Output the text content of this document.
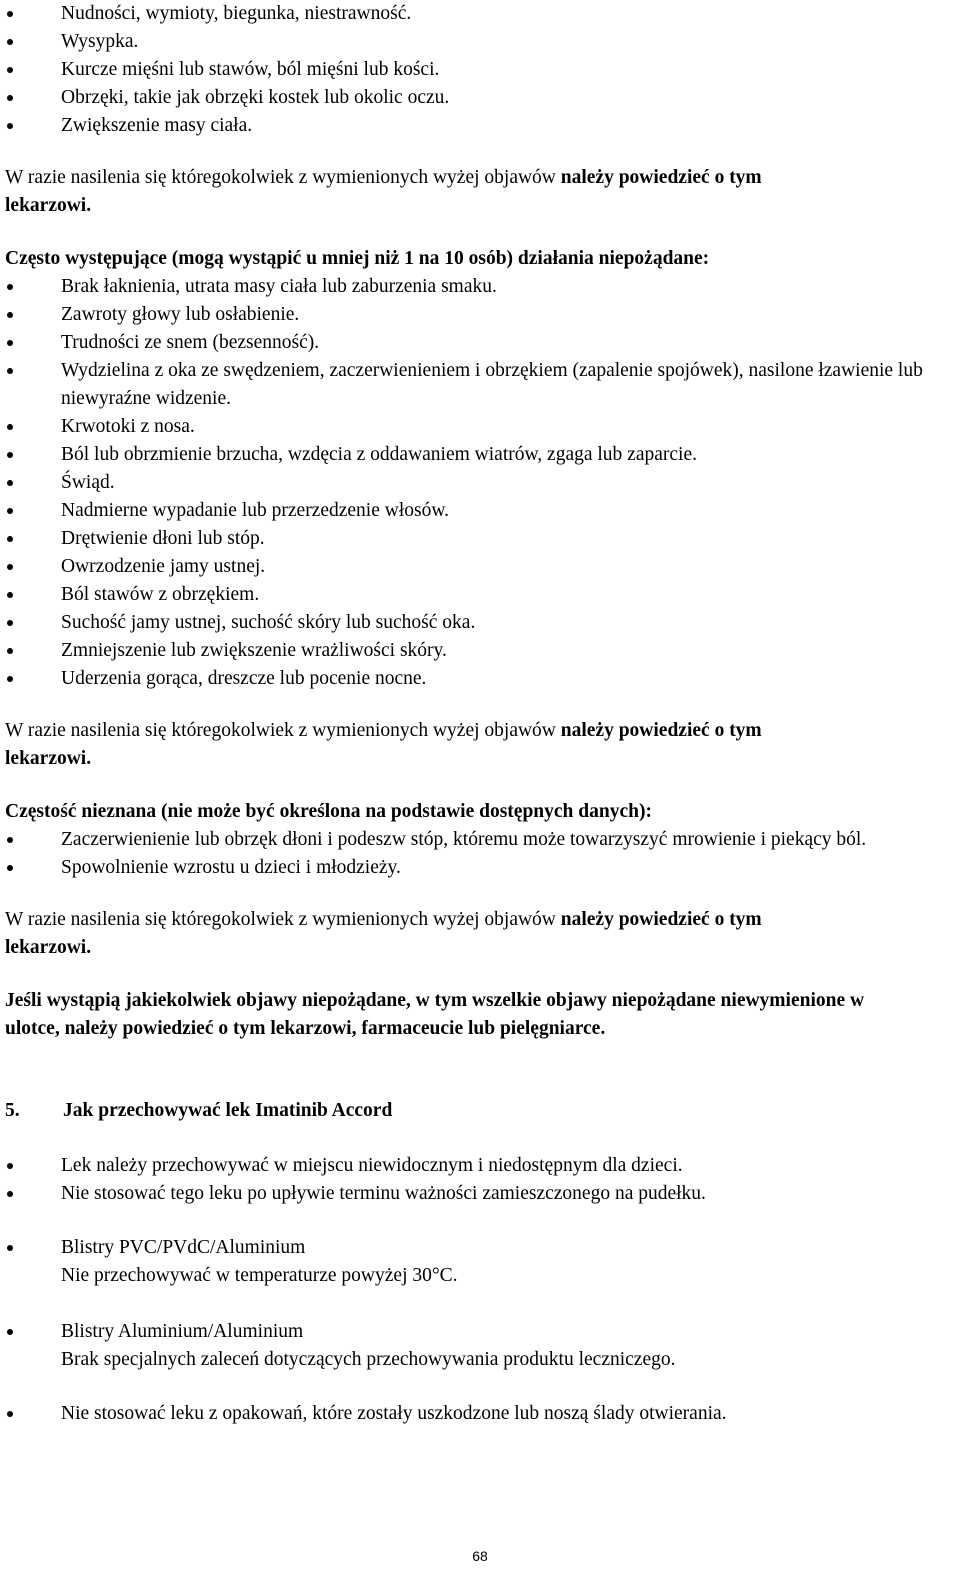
Nudności, wymioty, biegunka, niestrawność.
Wysypka.
Kurcze mięśni lub stawów, ból mięśni lub kości.
Obrzęki, takie jak obrzęki kostek lub okolic oczu.
Zwiększenie masy ciała.

W razie nasilenia się któregokolwiek z wymienionych wyżej objawów należy powiedzieć o tym
lekarzowi.

Często występujące (mogą wystąpić u mniej niż 1 na 10 osób) działania niepożądane:

Brak łaknienia, utrata masy ciała lub zaburzenia smaku.
Zawroty głowy lub osłabienie.
Trudności ze snem (bezsenność).
Wydzielina z oka ze swędzeniem, zaczerwienieniem i obrzękiem (zapalenie spojówek), nasilone łzawienie lub niewyraźne widzenie.
Krwotoki z nosa.
Ból lub obrzmienie brzucha, wzdęcia z oddawaniem wiatrów, zgaga lub zaparcie.
Świąd.
Nadmierne wypadanie lub przerzedzenie włosów.
Drętwienie dłoni lub stóp.
Owrzodzenie jamy ustnej.
Ból stawów z obrzękiem.
Suchość jamy ustnej, suchość skóry lub suchość oka.
Zmniejszenie lub zwiększenie wrażliwości skóry.
Uderzenia gorąca, dreszcze lub pocenie nocne.

W razie nasilenia się któregokolwiek z wymienionych wyżej objawów należy powiedzieć o tym
lekarzowi.

Częstość nieznana (nie może być określona na podstawie dostępnych danych):

Zaczerwienienie lub obrzęk dłoni i podeszw stóp, któremu może towarzyszyć mrowienie i piekący ból.
Spowolnienie wzrostu u dzieci i młodzieży.

W razie nasilenia się któregokolwiek z wymienionych wyżej objawów należy powiedzieć o tym
lekarzowi.

Jeśli wystąpią jakiekolwiek objawy niepożądane, w tym wszelkie objawy niepożądane niewymienione w ulotce, należy powiedzieć o tym lekarzowi, farmaceucie lub pielęgniarce.

5.	Jak przechowywać lek Imatinib Accord
Lek należy przechowywać w miejscu niewidocznym i niedostępnym dla dzieci.
Nie stosować tego leku po upływie terminu ważności zamieszczonego na pudełku.
Blistry PVC/PVdC/Aluminium
Nie przechowywać w temperaturze powyżej 30°C.
Blistry Aluminium/Aluminium
Brak specjalnych zaleceń dotyczących przechowywania produktu leczniczego.
Nie stosować leku z opakowań, które zostały uszkodzone lub noszą ślady otwierania.
68
